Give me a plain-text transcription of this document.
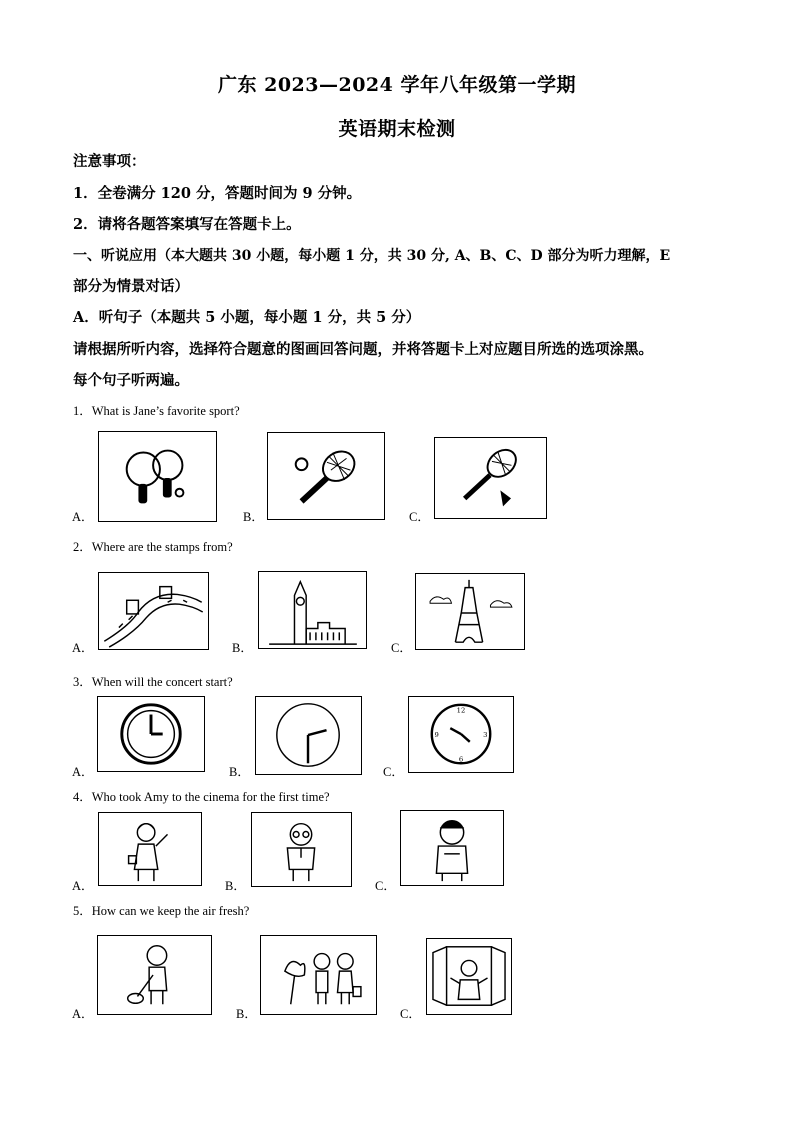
广东 2023—2024 学年八年级第一学期
英语期末检测
注意事项：
1．全卷满分 120 分，答题时间为 9 分钟。
2．请将各题答案填写在答题卡上。
一、听说应用（本大题共 30 小题，每小题 1 分，共 30 分, A、B、C、D 部分为听力理解，E
部分为情景对话）
A．听句子（本题共 5 小题，每小题 1 分，共 5 分）
请根据所听内容，选择符合题意的图画回答问题，并将答题卡上对应题目所选的选项涂黑。
每个句子听两遍。
1．What is Jane’s favorite sport?
A．	B．	C．
2．Where are the stamps from?
A．	B．	C．
3．When will the concert start?
A．	B．	C．
12
3
6
9
4．Who took Amy to the cinema for the first time?
A．	B．	C．
5．How can we keep the air fresh?
A．	B．	C．
